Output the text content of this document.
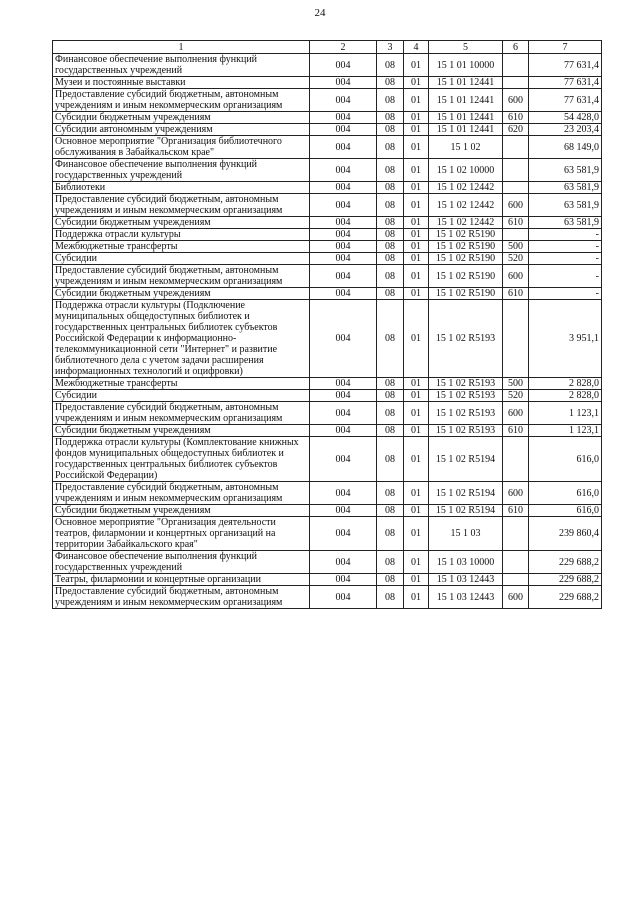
24
1	2	3	4	5	6	7
Финансовое обеспечение выполнения функций государственных учреждений	004	08	01	15 1 01 10000		77 631,4
Музеи и постоянные выставки	004	08	01	15 1 01 12441		77 631,4
Предоставление субсидий бюджетным, автономным учреждениям и иным некоммерческим организациям	004	08	01	15 1 01 12441	600	77 631,4
Субсидии бюджетным учреждениям	004	08	01	15 1 01 12441	610	54 428,0
Субсидии автономным учреждениям	004	08	01	15 1 01 12441	620	23 203,4
Основное мероприятие "Организация библиотечного обслуживания в Забайкальском крае"	004	08	01	15 1 02		68 149,0
Финансовое обеспечение выполнения функций государственных учреждений	004	08	01	15 1 02 10000		63 581,9
Библиотеки	004	08	01	15 1 02 12442		63 581,9
Предоставление субсидий бюджетным, автономным учреждениям и иным некоммерческим организациям	004	08	01	15 1 02 12442	600	63 581,9
Субсидии бюджетным учреждениям	004	08	01	15 1 02 12442	610	63 581,9
Поддержка отрасли культуры	004	08	01	15 1 02 R5190		-
Межбюджетные трансферты	004	08	01	15 1 02 R5190	500	-
Субсидии	004	08	01	15 1 02 R5190	520	-
Предоставление субсидий бюджетным, автономным учреждениям и иным некоммерческим организациям	004	08	01	15 1 02 R5190	600	-
Субсидии бюджетным учреждениям	004	08	01	15 1 02 R5190	610	-
Поддержка отрасли культуры (Подключение муниципальных общедоступных библиотек и государственных центральных библиотек субъектов Российской Федерации к информационно-телекоммуникационной сети "Интернет" и развитие библиотечного дела с учетом задачи расширения информационных технологий и оцифровки)	004	08	01	15 1 02 R5193		3 951,1
Межбюджетные трансферты	004	08	01	15 1 02 R5193	500	2 828,0
Субсидии	004	08	01	15 1 02 R5193	520	2 828,0
Предоставление субсидий бюджетным, автономным учреждениям и иным некоммерческим организациям	004	08	01	15 1 02 R5193	600	1 123,1
Субсидии бюджетным учреждениям	004	08	01	15 1 02 R5193	610	1 123,1
Поддержка отрасли культуры (Комплектование книжных фондов муниципальных общедоступных библиотек и государственных центральных библиотек субъектов Российской Федерации)	004	08	01	15 1 02 R5194		616,0
Предоставление субсидий бюджетным, автономным учреждениям и иным некоммерческим организациям	004	08	01	15 1 02 R5194	600	616,0
Субсидии бюджетным учреждениям	004	08	01	15 1 02 R5194	610	616,0
Основное мероприятие "Организация деятельности театров, филармонии и концертных организаций на территории Забайкальского края"	004	08	01	15 1 03		239 860,4
Финансовое обеспечение выполнения функций государственных учреждений	004	08	01	15 1 03 10000		229 688,2
Театры, филармонии и концертные организации	004	08	01	15 1 03 12443		229 688,2
Предоставление субсидий бюджетным, автономным учреждениям и иным некоммерческим организациям	004	08	01	15 1 03 12443	600	229 688,2
